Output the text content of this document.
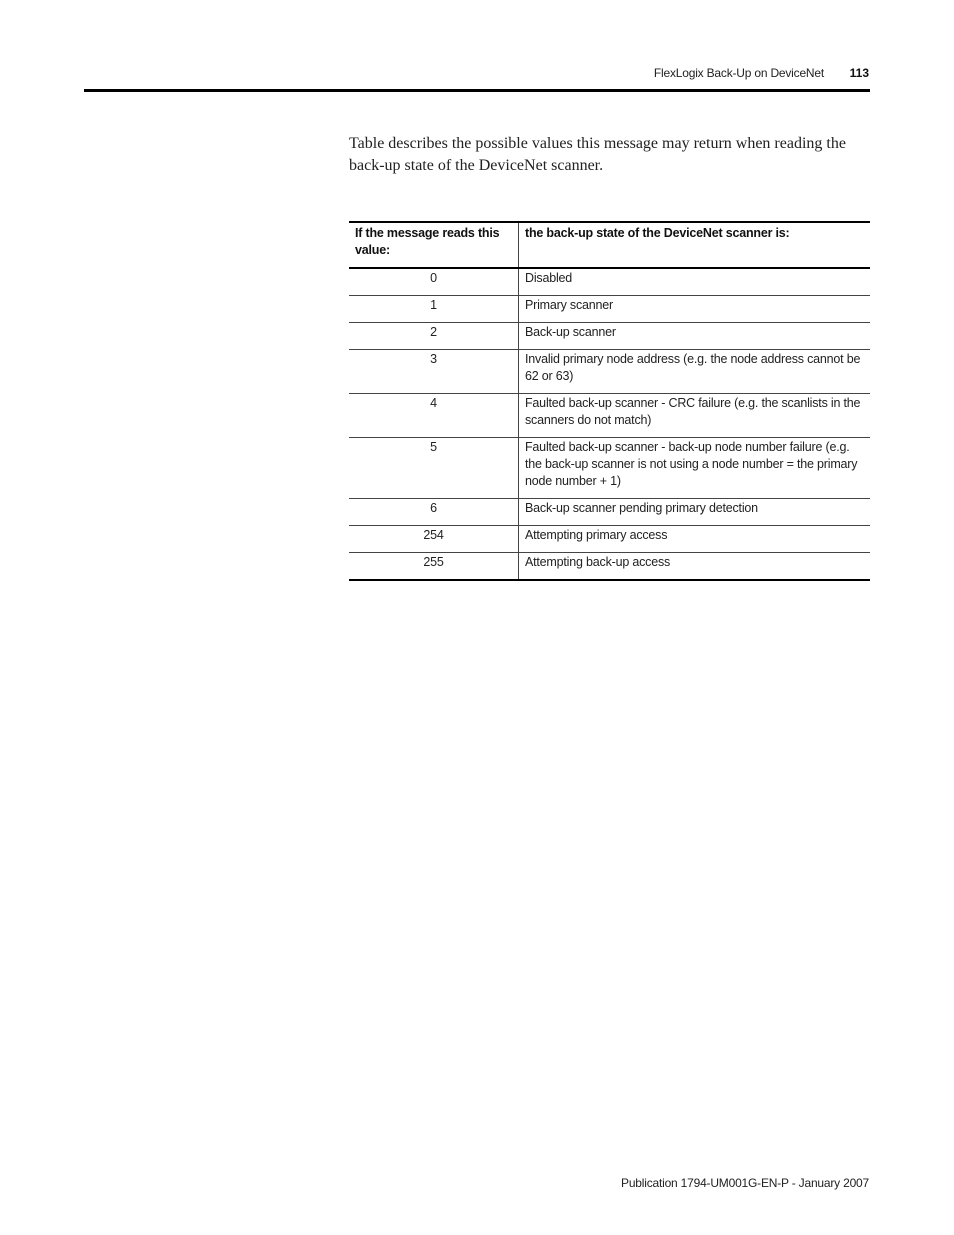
FlexLogix Back-Up on DeviceNet 113

Table describes the possible values this message may return when reading the back-up state of the DeviceNet scanner.

If the message reads this value:	the back-up state of the DeviceNet scanner is:
0	Disabled
1	Primary scanner
2	Back-up scanner
3	Invalid primary node address (e.g. the node address cannot be 62 or 63)
4	Faulted back-up scanner - CRC failure (e.g. the scanlists in the scanners do not match)
5	Faulted back-up scanner - back-up node number failure (e.g. the back-up scanner is not using a node number = the primary node number + 1)
6	Back-up scanner pending primary detection
254	Attempting primary access
255	Attempting back-up access
Publication 1794-UM001G-EN-P - January 2007
